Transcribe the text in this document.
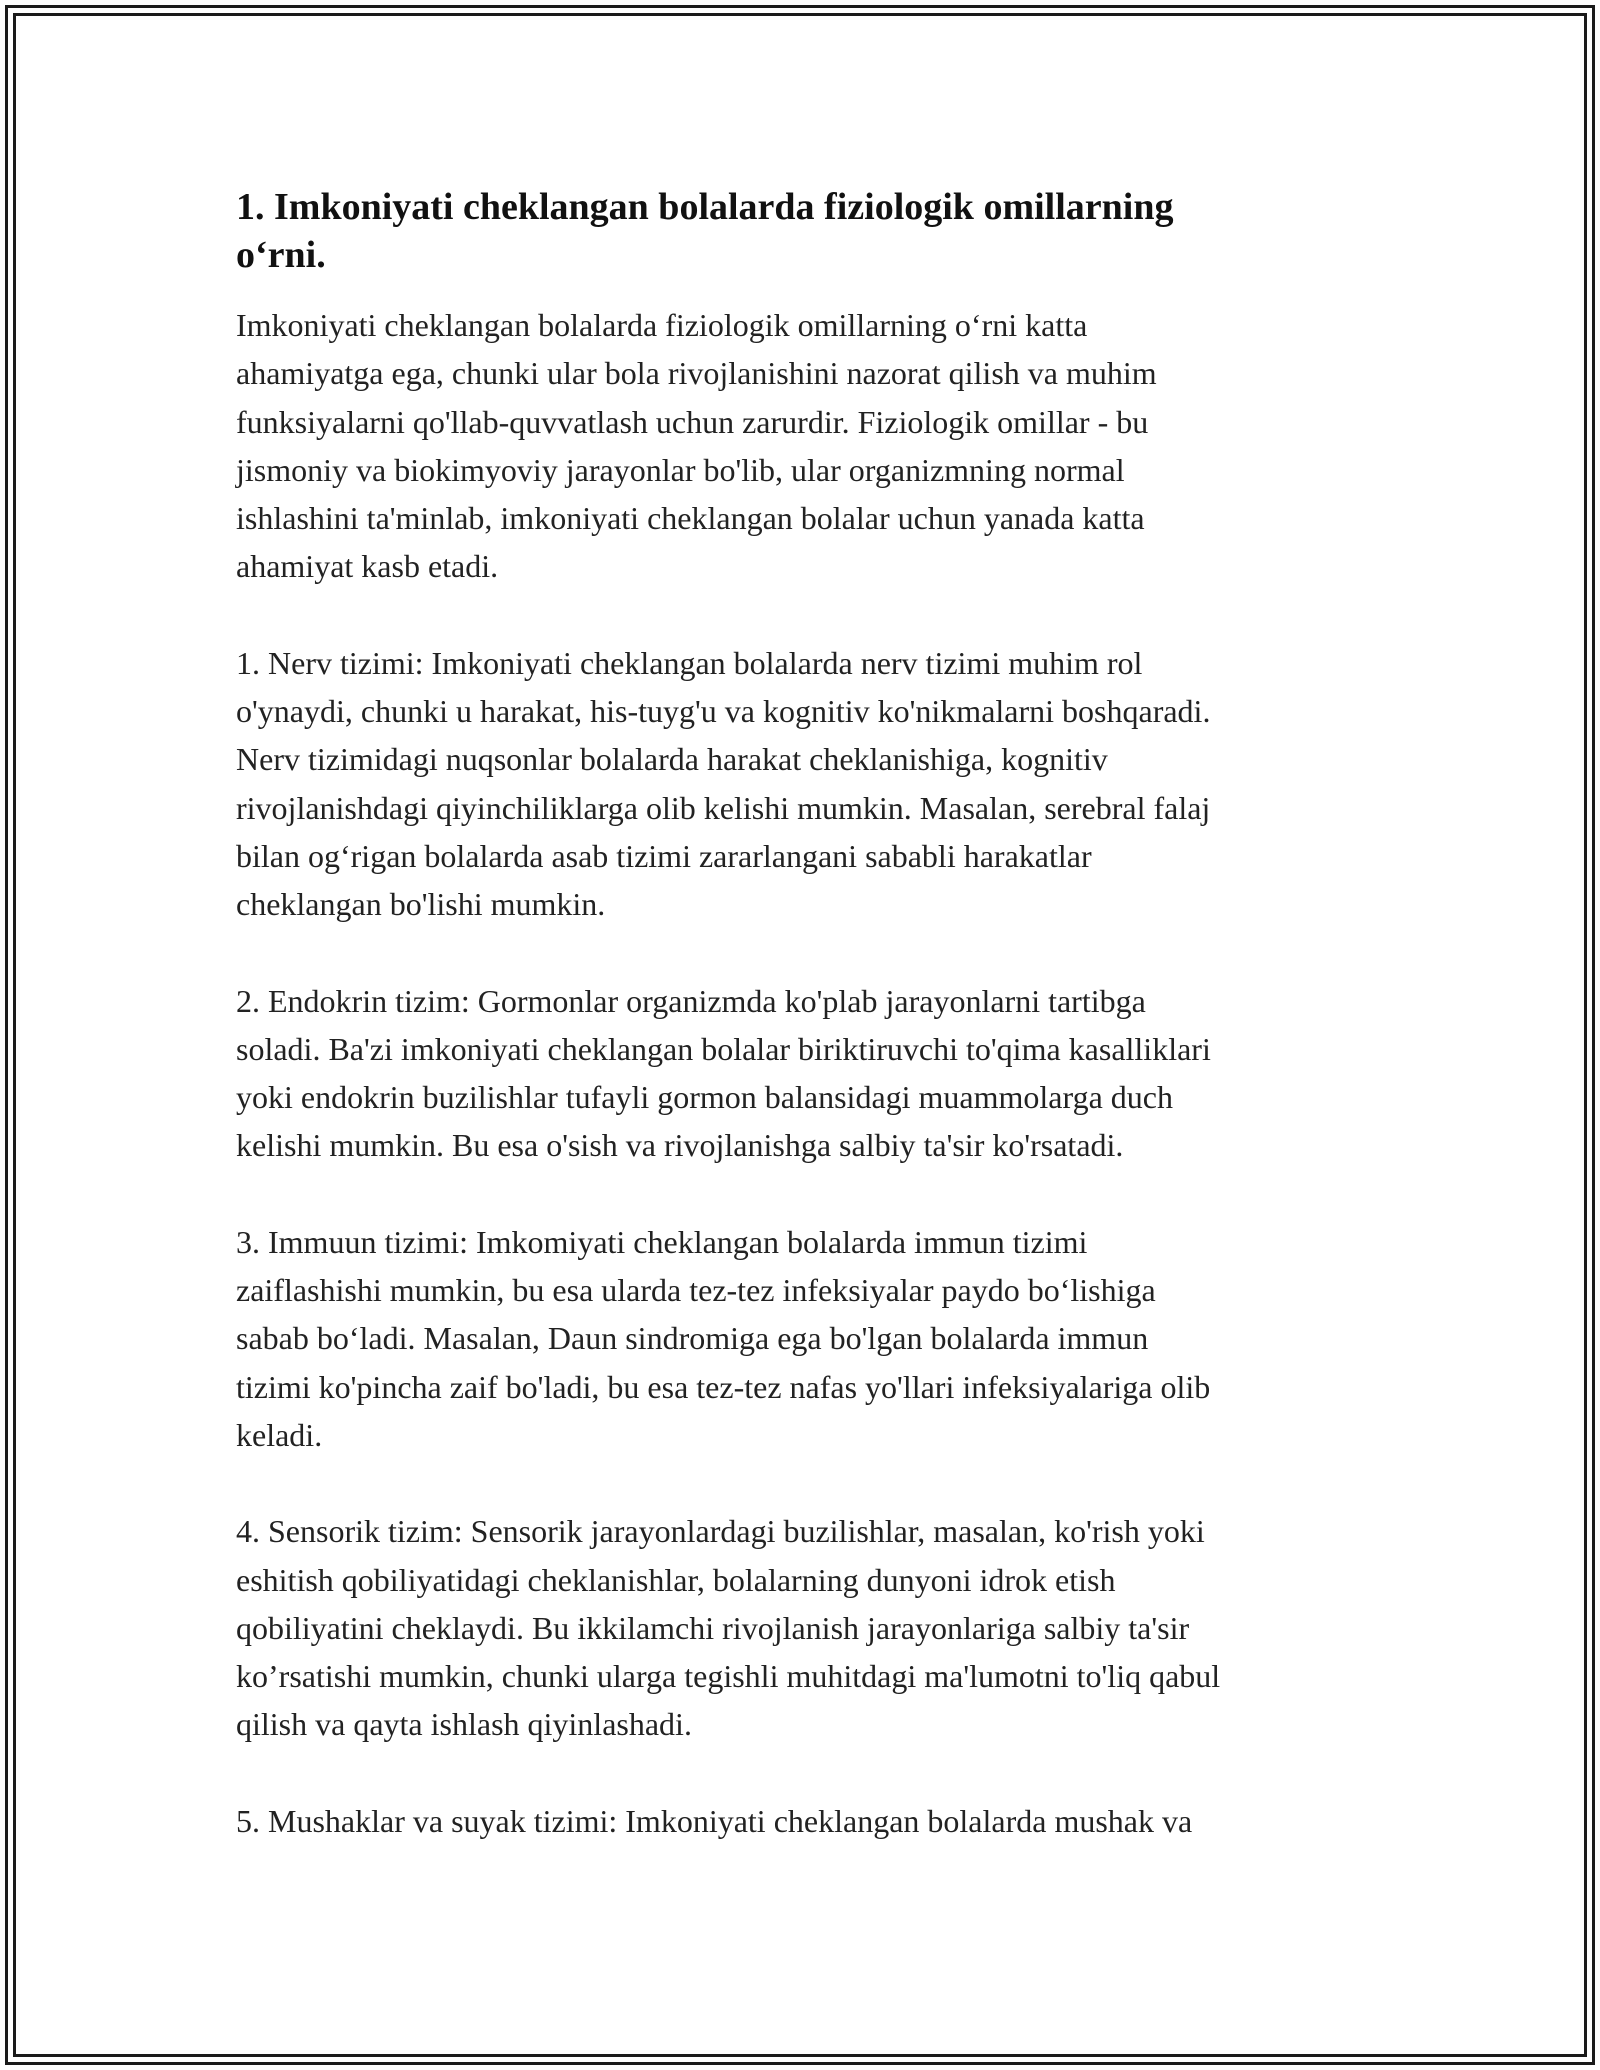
1. Imkoniyati cheklangan bolalarda fiziologik omillarning
o‘rni.

Imkoniyati cheklangan bolalarda fiziologik omillarning o‘rni katta
ahamiyatga ega, chunki ular bola rivojlanishini nazorat qilish va muhim
funksiyalarni qo'llab-quvvatlash uchun zarurdir. Fiziologik omillar - bu
jismoniy va biokimyoviy jarayonlar bo'lib, ular organizmning normal
ishlashini ta'minlab, imkoniyati cheklangan bolalar uchun yanada katta
ahamiyat kasb etadi.

1. Nerv tizimi: Imkoniyati cheklangan bolalarda nerv tizimi muhim rol
o'ynaydi, chunki u harakat, his-tuyg'u va kognitiv ko'nikmalarni boshqaradi.
Nerv tizimidagi nuqsonlar bolalarda harakat cheklanishiga, kognitiv
rivojlanishdagi qiyinchiliklarga olib kelishi mumkin. Masalan, serebral falaj
bilan og‘rigan bolalarda asab tizimi zararlangani sababli harakatlar
cheklangan bo'lishi mumkin.

2. Endokrin tizim: Gormonlar organizmda ko'plab jarayonlarni tartibga
soladi. Ba'zi imkoniyati cheklangan bolalar biriktiruvchi to'qima kasalliklari
yoki endokrin buzilishlar tufayli gormon balansidagi muammolarga duch
kelishi mumkin. Bu esa o'sish va rivojlanishga salbiy ta'sir ko'rsatadi.

3. Immuun tizimi: Imkomiyati cheklangan bolalarda immun tizimi
zaiflashishi mumkin, bu esa ularda tez-tez infeksiyalar paydo bo‘lishiga
sabab bo‘ladi. Masalan, Daun sindromiga ega bo'lgan bolalarda immun
tizimi ko'pincha zaif bo'ladi, bu esa tez-tez nafas yo'llari infeksiyalariga olib
keladi.

4. Sensorik tizim: Sensorik jarayonlardagi buzilishlar, masalan, ko'rish yoki
eshitish qobiliyatidagi cheklanishlar, bolalarning dunyoni idrok etish
qobiliyatini cheklaydi. Bu ikkilamchi rivojlanish jarayonlariga salbiy ta'sir
ko’rsatishi mumkin, chunki ularga tegishli muhitdagi ma'lumotni to'liq qabul
qilish va qayta ishlash qiyinlashadi.

5. Mushaklar va suyak tizimi: Imkoniyati cheklangan bolalarda mushak va
